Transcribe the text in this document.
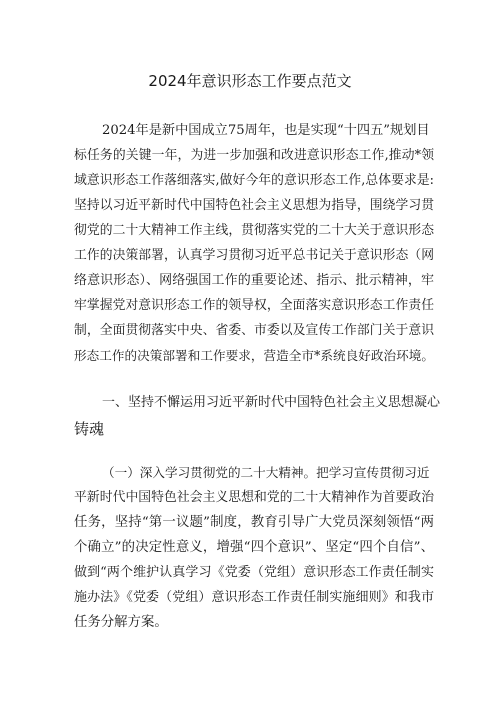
2024年意识形态工作要点范文
2024年是新中国成立75周年，也是实现“十四五”规划目
标任务的关键一年，为进一步加强和改进意识形态工作,推动*领
域意识形态工作落细落实,做好今年的意识形态工作,总体要求是:
坚持以习近平新时代中国特色社会主义思想为指导，围绕学习贯
彻党的二十大精神工作主线，贯彻落实党的二十大关于意识形态
工作的决策部署，认真学习贯彻习近平总书记关于意识形态（网
络意识形态）、网络强国工作的重要论述、指示、批示精神，牢
牢掌握党对意识形态工作的领导权，全面落实意识形态工作责任
制，全面贯彻落实中央、省委、市委以及宣传工作部门关于意识
形态工作的决策部署和工作要求，营造全市*系统良好政治环境。
一、坚持不懈运用习近平新时代中国特色社会主义思想凝心
铸魂
（一）深入学习贯彻党的二十大精神。把学习宣传贯彻习近
平新时代中国特色社会主义思想和党的二十大精神作为首要政治
任务，坚持“第一议题”制度，教育引导广大党员深刻领悟“两
个确立”的决定性意义，增强“四个意识”、坚定“四个自信”、
做到“两个维护认真学习《党委（党组）意识形态工作责任制实
施办法》《党委（党组）意识形态工作责任制实施细则》和我市
任务分解方案。
